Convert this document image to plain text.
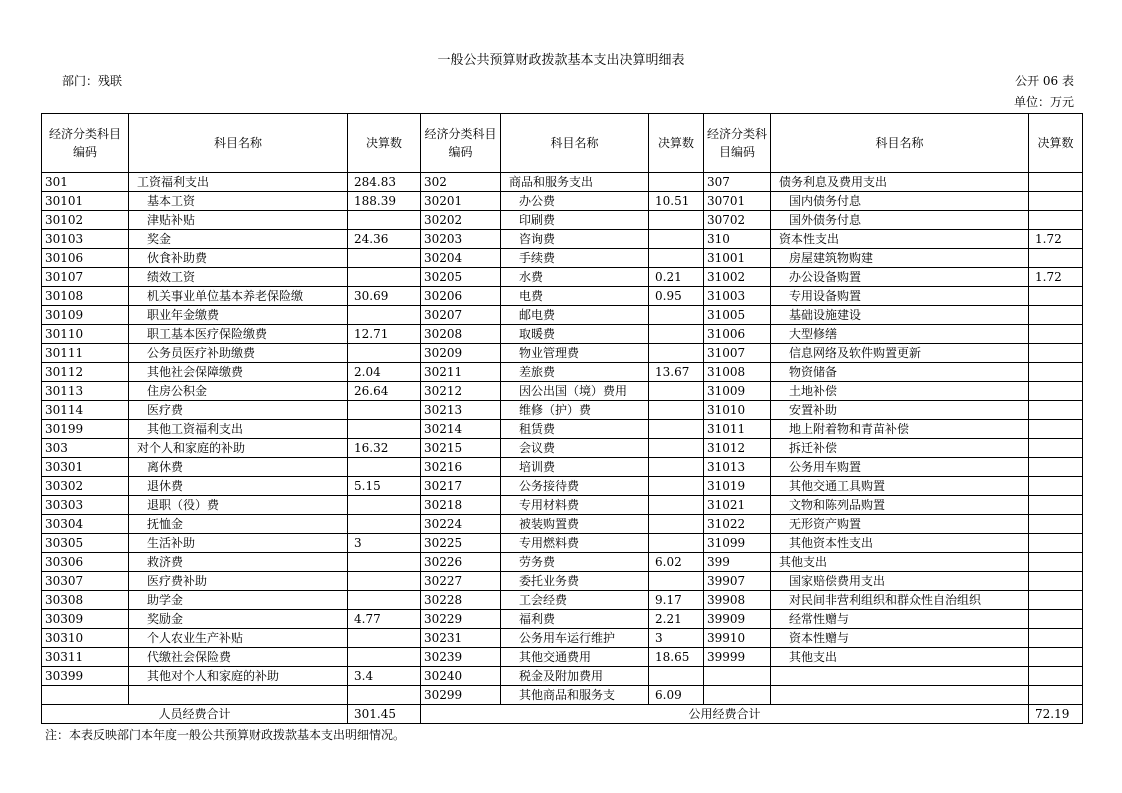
一般公共预算财政拨款基本支出决算明细表
部门：残联	公开 06 表
单位：万元
经济分类科目编码	科目名称	决算数	经济分类科目编码	科目名称	决算数	经济分类科目编码	科目名称	决算数
301	工资福利支出	284.83	302	商品和服务支出		307	债务利息及费用支出	
30101	基本工资	188.39	30201	办公费	10.51	30701	国内债务付息	
30102	津贴补贴		30202	印刷费		30702	国外债务付息	
30103	奖金	24.36	30203	咨询费		310	资本性支出	1.72
30106	伙食补助费		30204	手续费		31001	房屋建筑物购建	
30107	绩效工资		30205	水费	0.21	31002	办公设备购置	1.72
30108	机关事业单位基本养老保险缴	30.69	30206	电费	0.95	31003	专用设备购置	
30109	职业年金缴费		30207	邮电费		31005	基础设施建设	
30110	职工基本医疗保险缴费	12.71	30208	取暖费		31006	大型修缮	
30111	公务员医疗补助缴费		30209	物业管理费		31007	信息网络及软件购置更新	
30112	其他社会保障缴费	2.04	30211	差旅费	13.67	31008	物资储备	
30113	住房公积金	26.64	30212	因公出国（境）费用		31009	土地补偿	
30114	医疗费		30213	维修（护）费		31010	安置补助	
30199	其他工资福利支出		30214	租赁费		31011	地上附着物和青苗补偿	
303	对个人和家庭的补助	16.32	30215	会议费		31012	拆迁补偿	
30301	离休费		30216	培训费		31013	公务用车购置	
30302	退休费	5.15	30217	公务接待费		31019	其他交通工具购置	
30303	退职（役）费		30218	专用材料费		31021	文物和陈列品购置	
30304	抚恤金		30224	被装购置费		31022	无形资产购置	
30305	生活补助	3	30225	专用燃料费		31099	其他资本性支出	
30306	救济费		30226	劳务费	6.02	399	其他支出	
30307	医疗费补助		30227	委托业务费		39907	国家赔偿费用支出	
30308	助学金		30228	工会经费	9.17	39908	对民间非营利组织和群众性自治组织	
30309	奖励金	4.77	30229	福利费	2.21	39909	经常性赠与	
30310	个人农业生产补贴		30231	公务用车运行维护	3	39910	资本性赠与	
30311	代缴社会保险费		30239	其他交通费用	18.65	39999	其他支出	
30399	其他对个人和家庭的补助	3.4	30240	税金及附加费用				
			30299	其他商品和服务支	6.09			
人员经费合计		301.45	公用经费合计					72.19
注：本表反映部门本年度一般公共预算财政拨款基本支出明细情况。
